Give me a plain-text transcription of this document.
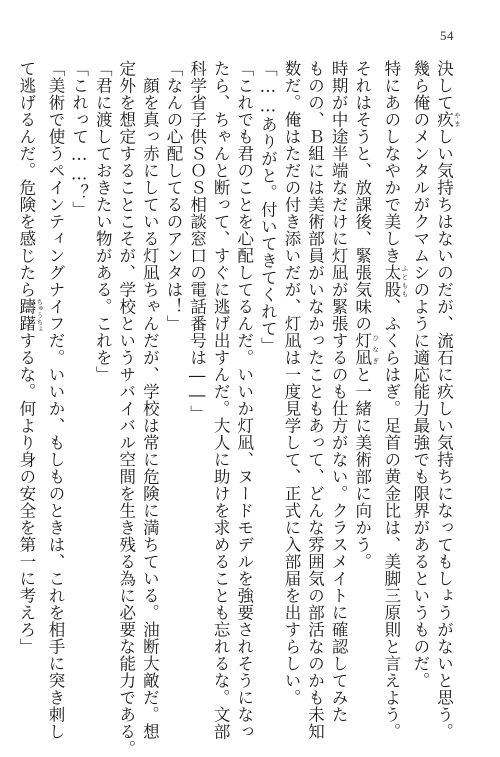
54
決して疚 やましい気持ちはないのだが、流石に疚しい気持ちになってもしょうがないと思う。
幾ら俺のメンタルがクマムシのように適応能力最強でも限界があるというものだ。
特にあのしなやかで美しき太股 ふともも、ふくらはぎ。足首の黄金比は、美脚三原則と言えよう。
それはそうと、放課後、緊張気味の灯凪 ひなぎと一緒に美術部に向かう。
時期が中途半端なだけに灯凪が緊張するのも仕方がない。クラスメイトに確認してみた
ものの、Ｂ組には美術部員がいなかったこともあって、どんな雰囲気の部活なのかも未知
数だ。俺はただの付き添いだが、灯凪は一度見学して、正式に入部届を出すらしい。
「……ありがと。付いてきてくれて」
「これでも君のことを心配してるんだ。いいか灯凪、ヌードモデルを強要されそうになっ
たら、ちゃんと断って、すぐに逃げ出すんだ。大人に助けを求めることも忘れるな。文部
科学省子供ＳＯＳ相談窓口の電話番号は――」
「なんの心配してるのアンタは！」
　顔を真っ赤にしている灯凪ちゃんだが、学校は常に危険に満ちている。油断大敵だ。想
定外を想定することこそが、学校というサバイバル空間を生き残る為に必要な能力である。
「君に渡しておきたい物がある。これを」
「これって……？」
「美術で使うペインティングナイフだ。いいか、もしものときは、これを相手に突き刺し
て逃げるんだ。危険を感じたら躊躇 ちゅうちょするな。何より身の安全を第一に考えろ」
